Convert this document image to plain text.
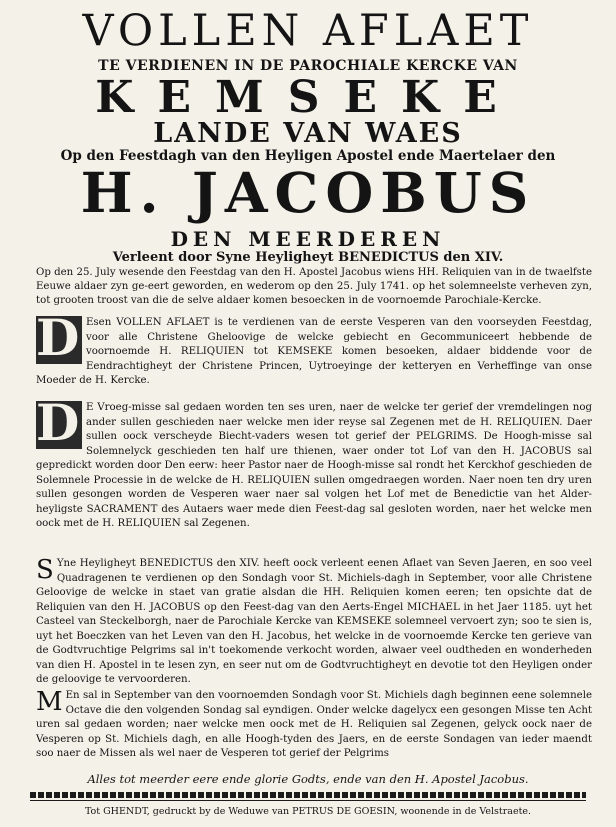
VOLLEN AFLAET
TE VERDIENEN IN DE PAROCHIALE KERCKE VAN
KEMSEKE
LANDE VAN WAES
Op den Feestdagh van den Heyligen Apostel ende Maertelaer den
H. JACOBUS
DEN MEERDEREN
Verleent door Syne Heyligheyt BENEDICTUS den XIV.
Op den 25. July wesende den Feestdag van den H. Apostel Jacobus wiens HH. Reliquien van in de twaelfste Eeuwe aldaer zyn ge-eert geworden, en wederom op den 25. July 1741. op het solemneelste verheven zyn, tot grooten troost van die de selve aldaer komen besoecken in de voornoemde Parochiale-Kercke.
D Esen VOLLEN AFLAET is te verdienen van de eerste Vesperen van den voorseyden Feestdag, voor alle Christene Gheloovige de welcke gebiecht en Gecommuniceert hebbende de voornoemde H. RELIQUIEN tot KEMSEKE komen besoeken, aldaer biddende voor de Eendrachtigheyt der Christene Princen, Uytroeyinge der ketteryen en Verheffinge van onse Moeder de H. Kercke.
D E Vroeg-misse sal gedaen worden ten ses uren, naer de welcke ter gerief der vremdelingen nog ander sullen geschieden naer welcke men ider reyse sal Zegenen met de H. RELIQUIEN. Daer sullen oock verscheyde Biecht-vaders wesen tot gerief der PELGRIMS. De Hoogh-misse sal Solemnelyck geschieden ten half ure thienen, waer onder tot Lof van den H. JACOBUS sal gepredickt worden door Den eerw: heer Pastor naer de Hoogh-misse sal rondt het Kerckhof geschieden de Solemnele Processie in de welcke de H. RELIQUIEN sullen omgedraegen worden. Naer noen ten dry uren sullen gesongen worden de Vesperen waer naer sal volgen het Lof met de Benedictie van het Alder-heyligste SACRAMENT des Autaers waer mede dien Feest-dag sal gesloten worden, naer het welcke men oock met de H. RELIQUIEN sal Zegenen.
S Yne Heyligheyt BENEDICTUS den XIV. heeft oock verleent eenen Aflaet van Seven Jaeren, en soo veel Quadragenen te verdienen op den Sondagh voor St. Michiels-dagh in September, voor alle Christene Geloovige de welcke in staet van gratie alsdan die HH. Reliquien komen eeren; ten opsichte dat de Reliquien van den H. JACOBUS op den Feest-dag van den Aerts-Engel MICHAEL in het Jaer 1185. uyt het Casteel van Steckelborgh, naer de Parochiale Kercke van KEMSEKE solemneel vervoert zyn; soo te sien is, uyt het Boeczken van het Leven van den H. Jacobus, het welcke in de voornoemde Kercke ten gerieve van de Godtvruchtige Pelgrims sal in't toekomende verkocht worden, alwaer veel oudtheden en wonderheden van dien H. Apostel in te lesen zyn, en seer nut om de Godtvruchtigheyt en devotie tot den Heyligen onder de geloovige te vervoorderen.
M En sal in September van den voornoemden Sondagh voor St. Michiels dagh beginnen eene solemnele Octave die den volgenden Sondag sal eyndigen. Onder welcke dagelycx een gesongen Misse ten Acht uren sal gedaen worden; naer welcke men oock met de H. Reliquien sal Zegenen, gelyck oock naer de Vesperen op St. Michiels dagh, en alle Hoogh-tyden des Jaers, en de eerste Sondagen van ieder maendt soo naer de Missen als wel naer de Vesperen tot gerief der Pelgrims
Alles tot meerder eere ende glorie Godts, ende van den H. Apostel Jacobus.
Tot GHENDT, gedruckt by de Weduwe van PETRUS DE GOESIN, woonende in de Velstraete.
